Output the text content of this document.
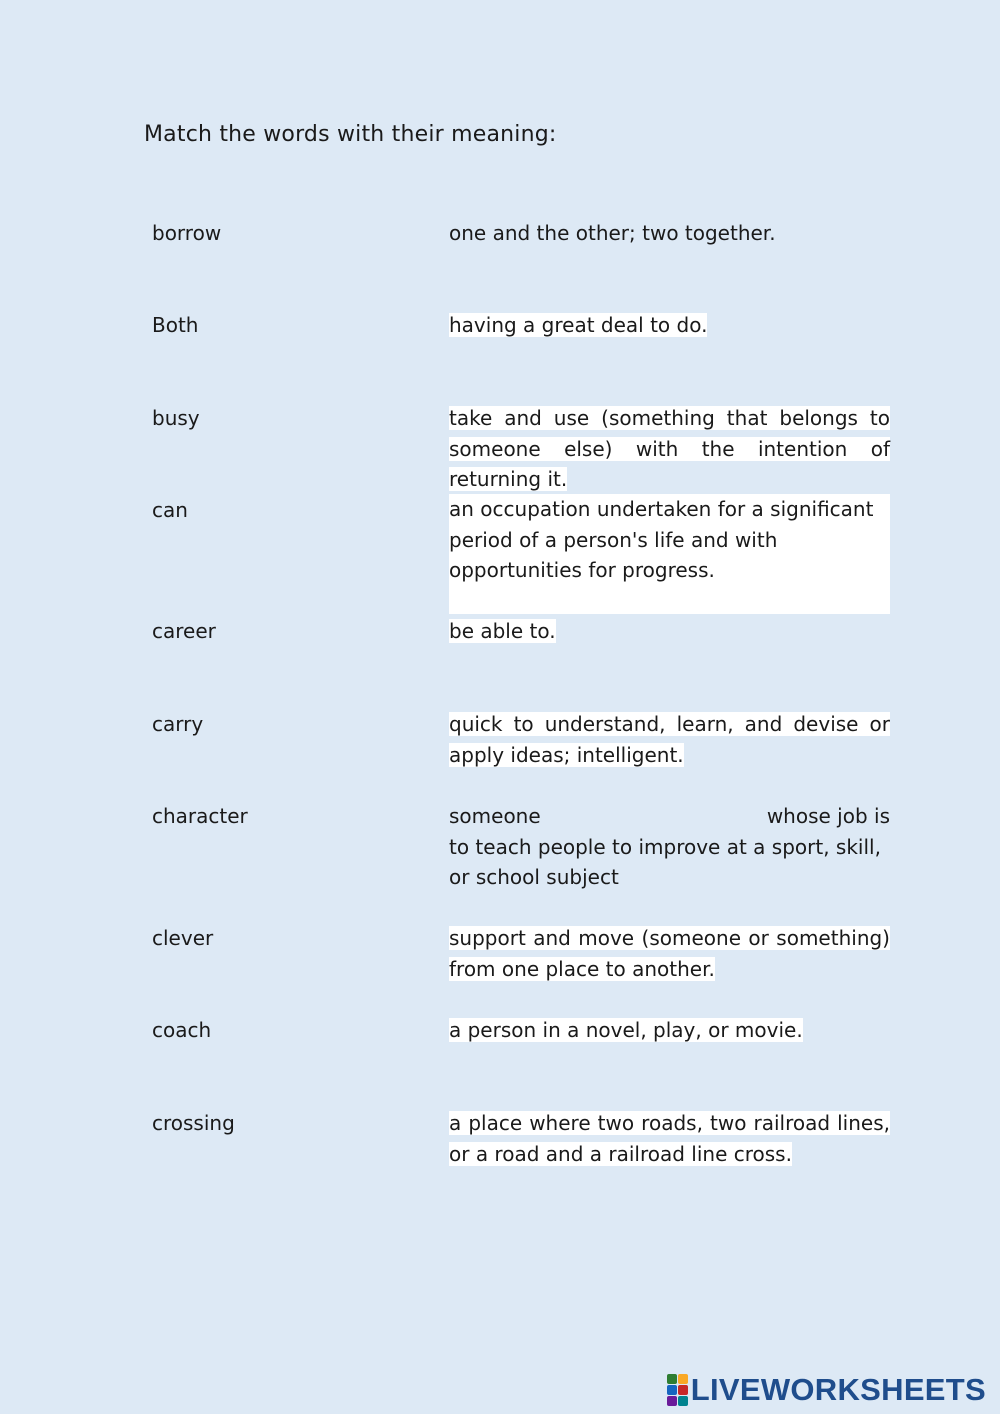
Match the words with their meaning:
borrow
Both
busy
can
career
carry
character
clever
coach
crossing
one and the other; two together.
having a great deal to do.
take and use (something that belongs to someone else) with the intention of returning it.
an occupation undertaken for a significant period of a person's life and with opportunities for progress.
be able to.
quick to understand, learn, and devise or apply ideas; intelligent.
someone	whose job is
to teach people to improve at a sport, skill, or school subject
support and move (someone or something) from one place to another.
a person in a novel, play, or movie.
a place where two roads, two railroad lines, or a road and a railroad line cross.
LIVEWORKSHEETS
